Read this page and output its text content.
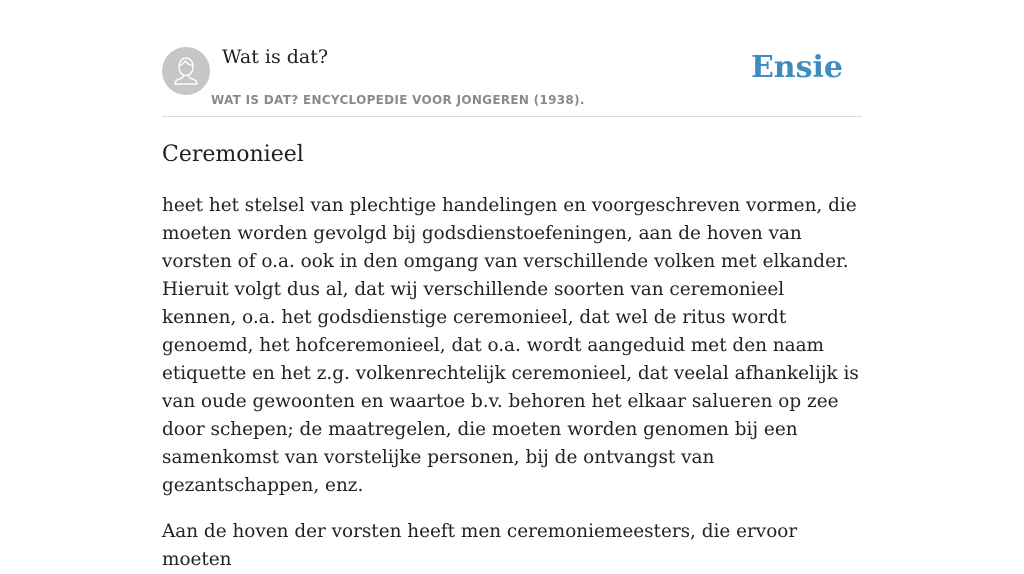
Wat is dat?
WAT IS DAT? ENCYCLOPEDIE VOOR JONGEREN (1938).
Ensie
Ceremonieel

heet het stelsel van plechtige handelingen en voorgeschreven vormen, die moeten worden gevolgd bij godsdienstoefeningen, aan de hoven van vorsten of o.a. ook in den omgang van verschillende volken met elkander. Hieruit volgt dus al, dat wij verschillende soorten van ceremonieel kennen, o.a. het godsdienstige ceremonieel, dat wel de ritus wordt genoemd, het hofceremonieel, dat o.a. wordt aangeduid met den naam etiquette en het z.g. volkenrechtelijk ceremonieel, dat veelal afhankelijk is van oude gewoonten en waartoe b.v. behoren het elkaar salueren op zee door schepen; de maatregelen, die moeten worden genomen bij een samenkomst van vorstelijke personen, bij de ontvangst van gezantschappen, enz.

Aan de hoven der vorsten heeft men ceremoniemeesters, die ervoor moeten
